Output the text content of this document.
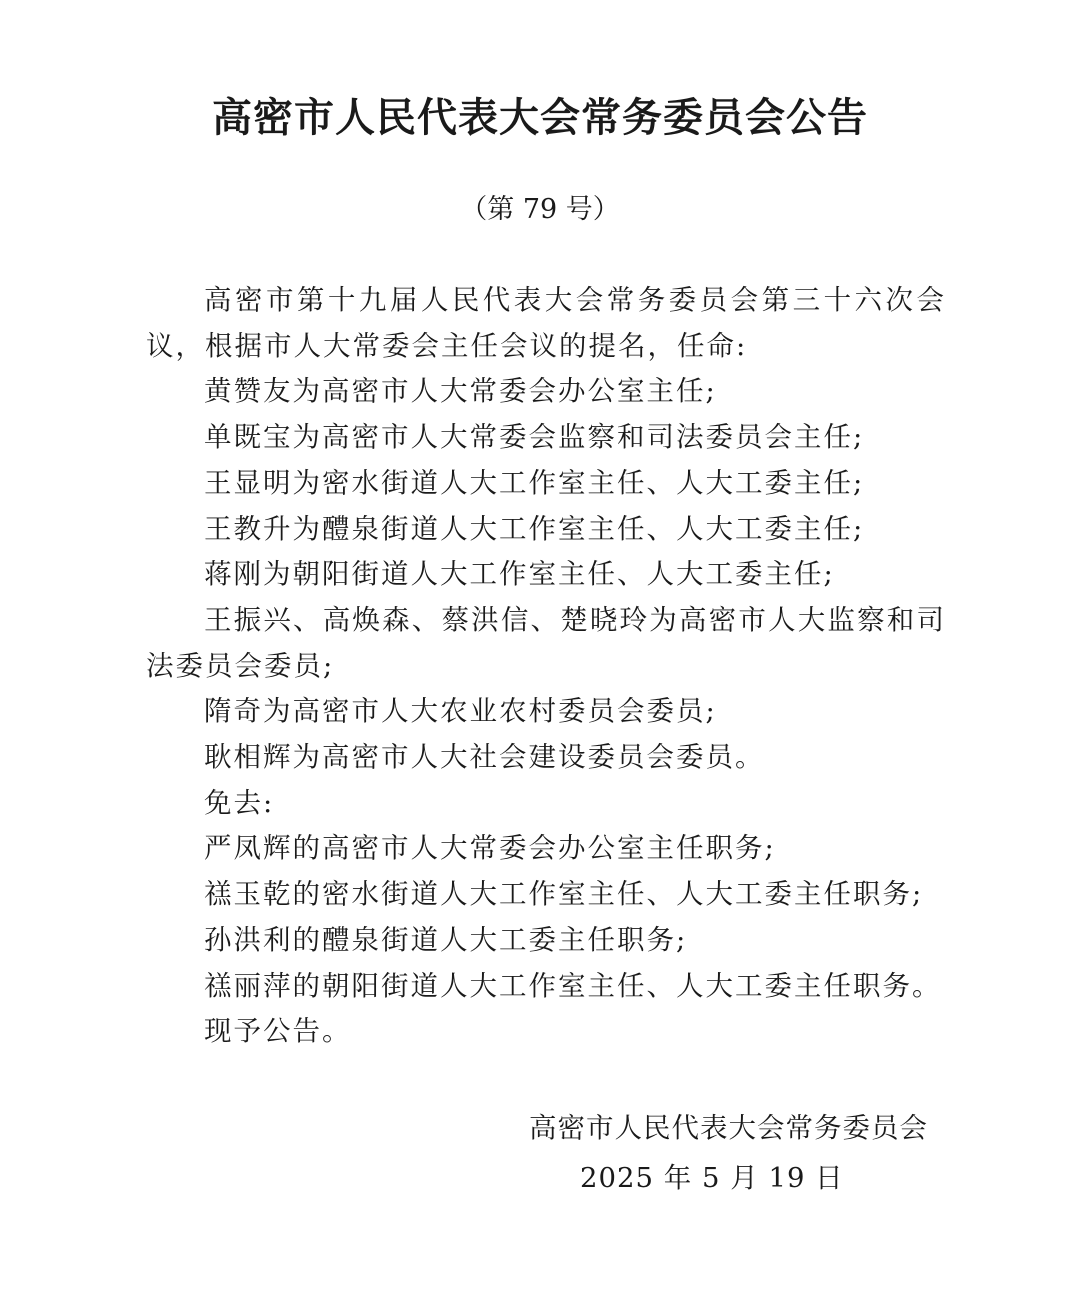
高密市人民代表大会常务委员会公告
（第 79 号）

高密市第十九届人民代表大会常务委员会第三十六次会议，根据市人大常委会主任会议的提名，任命:

黄赞友为高密市人大常委会办公室主任;

单既宝为高密市人大常委会监察和司法委员会主任;

王显明为密水街道人大工作室主任、人大工委主任;

王教升为醴泉街道人大工作室主任、人大工委主任;

蒋刚为朝阳街道人大工作室主任、人大工委主任;

王振兴、高焕森、蔡洪信、楚晓玲为高密市人大监察和司法委员会委员;

隋奇为高密市人大农业农村委员会委员;

耿相辉为高密市人大社会建设委员会委员。

免去:

严凤辉的高密市人大常委会办公室主任职务;

禚玉乾的密水街道人大工作室主任、人大工委主任职务;

孙洪利的醴泉街道人大工委主任职务;

禚丽萍的朝阳街道人大工作室主任、人大工委主任职务。

现予公告。

高密市人民代表大会常务委员会
2025 年 5 月 19 日
